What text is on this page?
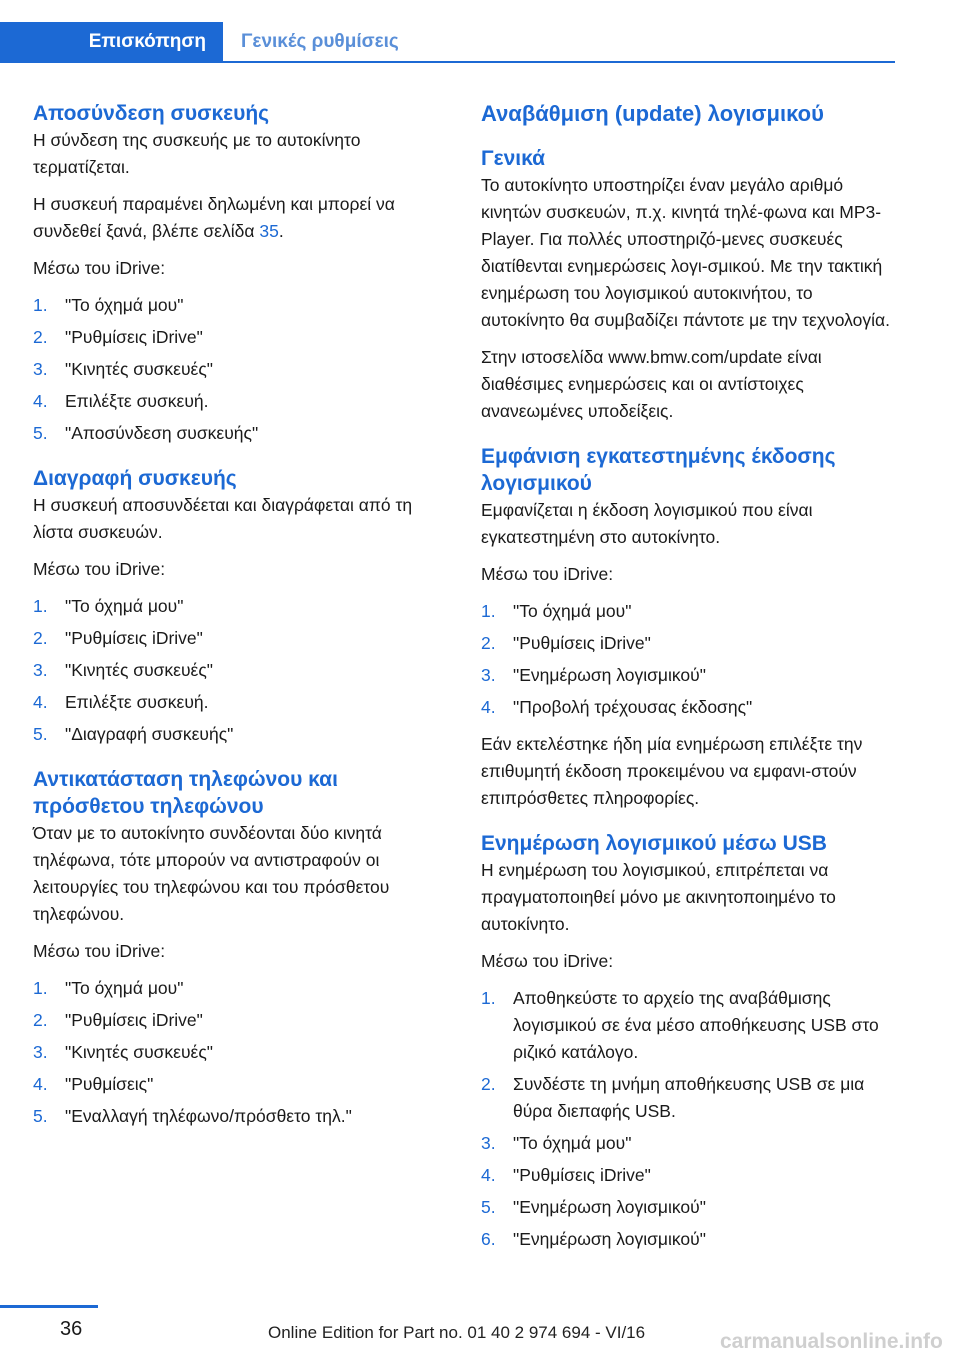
Επισκόπηση	Γενικές ρυθμίσεις
Αποσύνδεση συσκευής

Η σύνδεση της συσκευής με το αυτοκίνητο τερματίζεται.

Η συσκευή παραμένει δηλωμένη και μπορεί να συνδεθεί ξανά, βλέπε σελίδα 35.

Μέσω του iDrive:

1. "Το όχημά μου"
2. "Ρυθμίσεις iDrive"
3. "Κινητές συσκευές"
4. Επιλέξτε συσκευή.
5. "Αποσύνδεση συσκευής"
Διαγραφή συσκευής

Η συσκευή αποσυνδέεται και διαγράφεται από τη λίστα συσκευών.

Μέσω του iDrive:

1. "Το όχημά μου"
2. "Ρυθμίσεις iDrive"
3. "Κινητές συσκευές"
4. Επιλέξτε συσκευή.
5. "Διαγραφή συσκευής"
Αντικατάσταση τηλεφώνου και
πρόσθετου τηλεφώνου

Όταν με το αυτοκίνητο συνδέονται δύο κινητά τηλέφωνα, τότε μπορούν να αντιστραφούν οι λειτουργίες του τηλεφώνου και του πρόσθετου τηλεφώνου.

Μέσω του iDrive:

1. "Το όχημά μου"
2. "Ρυθμίσεις iDrive"
3. "Κινητές συσκευές"
4. "Ρυθμίσεις"
5. "Εναλλαγή τηλέφωνο/πρόσθετο τηλ."
Αναβάθμιση (update) λογισμικού
Γενικά

Το αυτοκίνητο υποστηρίζει έναν μεγάλο αριθμό κινητών συσκευών, π.χ. κινητά τηλέ‐φωνα και MP3-Player. Για πολλές υποστηριζό‐μενες συσκευές διατίθενται ενημερώσεις λογι‐σμικού. Με την τακτική ενημέρωση του λογισμικού αυτοκινήτου, το αυτοκίνητο θα συμβαδίζει πάντοτε με την τεχνολογία.

Στην ιστοσελίδα www.bmw.com/update είναι διαθέσιμες ενημερώσεις και οι αντίστοιχες ανανεωμένες υποδείξεις.

Εμφάνιση εγκατεστημένης έκδοσης
λογισμικού

Εμφανίζεται η έκδοση λογισμικού που είναι εγκατεστημένη στο αυτοκίνητο.

Μέσω του iDrive:

1. "Το όχημά μου"
2. "Ρυθμίσεις iDrive"
3. "Ενημέρωση λογισμικού"
4. "Προβολή τρέχουσας έκδοσης"

Εάν εκτελέστηκε ήδη μία ενημέρωση επιλέξτε την επιθυμητή έκδοση προκειμένου να εμφανι‐στούν επιπρόσθετες πληροφορίες.

Ενημέρωση λογισμικού μέσω USB

Η ενημέρωση του λογισμικού, επιτρέπεται να πραγματοποιηθεί μόνο με ακινητοποιημένο το αυτοκίνητο.

Μέσω του iDrive:

1. Αποθηκεύστε το αρχείο της αναβάθμισης λογισμικού σε ένα μέσο αποθήκευσης USB στο ριζικό κατάλογο.
2. Συνδέστε τη μνήμη αποθήκευσης USB σε μια θύρα διεπαφής USB.
3. "Το όχημά μου"
4. "Ρυθμίσεις iDrive"
5. "Ενημέρωση λογισμικού"
6. "Ενημέρωση λογισμικού"
36	Online Edition for Part no. 01 40 2 974 694 - VI/16	carmanualsonline.info
